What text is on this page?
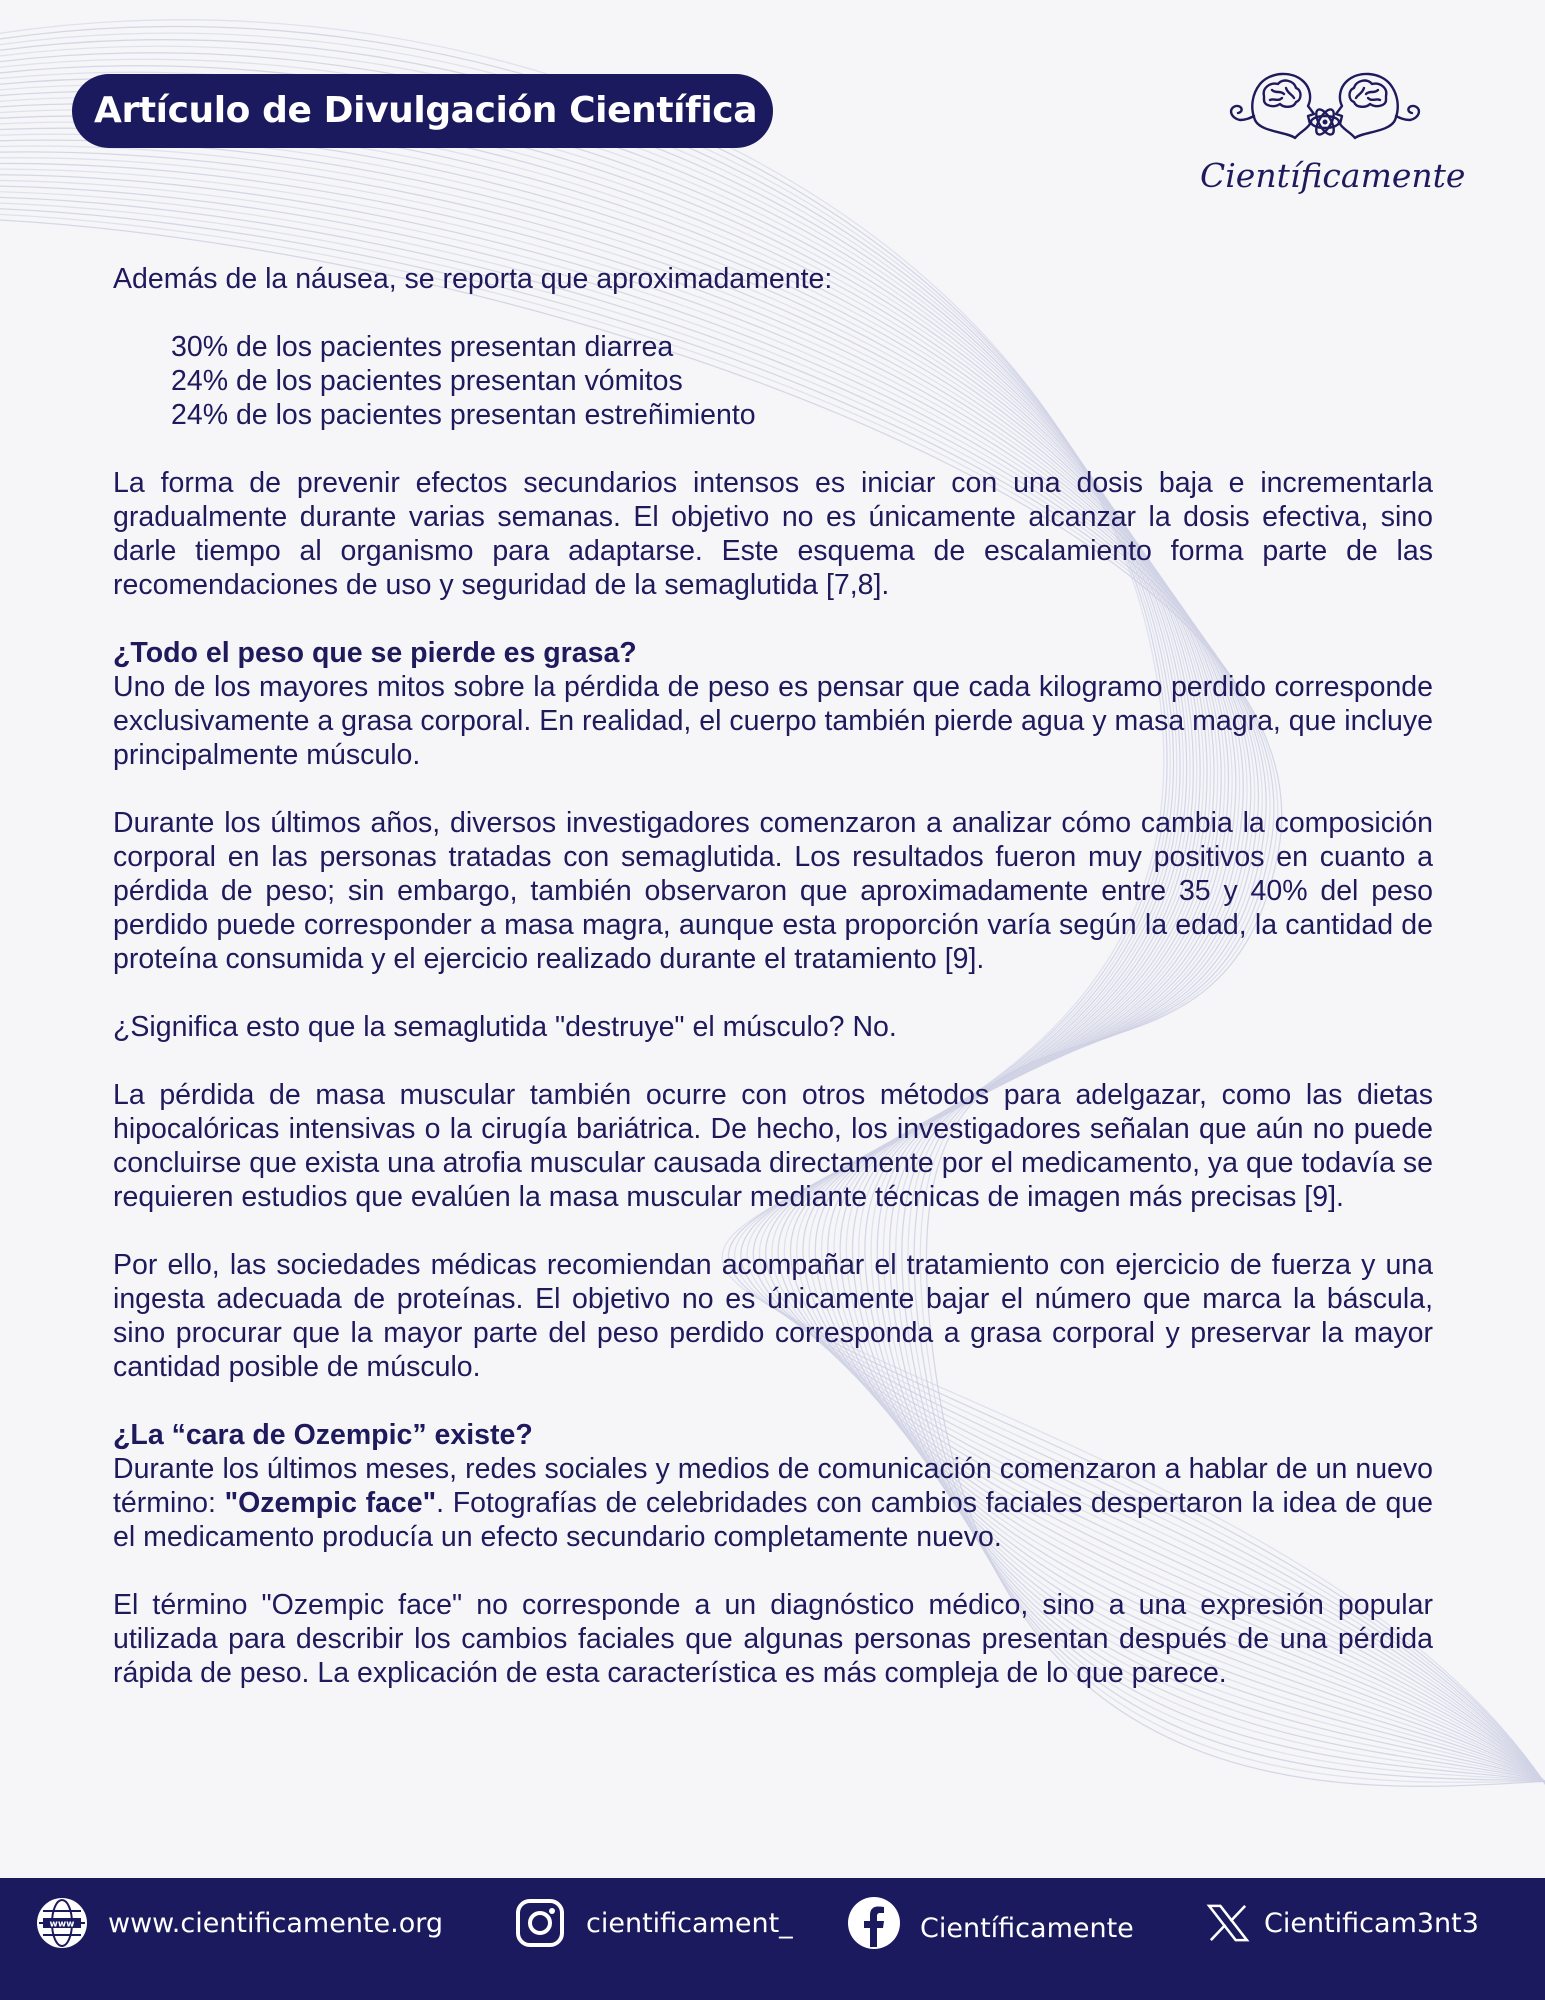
Artículo de Divulgación Científica
Científicamente

Además de la náusea, se reporta que aproximadamente:

30% de los pacientes presentan diarrea
24% de los pacientes presentan vómitos
24% de los pacientes presentan estreñimiento

La forma de prevenir efectos secundarios intensos es iniciar con una dosis baja e incrementarla gradualmente durante varias semanas. El objetivo no es únicamente alcanzar la dosis efectiva, sino darle tiempo al organismo para adaptarse. Este esquema de escalamiento forma parte de las recomendaciones de uso y seguridad de la semaglutida [7,8].

¿Todo el peso que se pierde es grasa?

Uno de los mayores mitos sobre la pérdida de peso es pensar que cada kilogramo perdido corresponde exclusivamente a grasa corporal. En realidad, el cuerpo también pierde agua y masa magra, que incluye principalmente músculo.

Durante los últimos años, diversos investigadores comenzaron a analizar cómo cambia la composición corporal en las personas tratadas con semaglutida. Los resultados fueron muy positivos en cuanto a pérdida de peso; sin embargo, también observaron que aproximadamente entre 35 y 40% del peso perdido puede corresponder a masa magra, aunque esta proporción varía según la edad, la cantidad de proteína consumida y el ejercicio realizado durante el tratamiento [9].

¿Significa esto que la semaglutida "destruye" el músculo? No.

La pérdida de masa muscular también ocurre con otros métodos para adelgazar, como las dietas hipocalóricas intensivas o la cirugía bariátrica. De hecho, los investigadores señalan que aún no puede concluirse que exista una atrofia muscular causada directamente por el medicamento, ya que todavía se requieren estudios que evalúen la masa muscular mediante técnicas de imagen más precisas [9].

Por ello, las sociedades médicas recomiendan acompañar el tratamiento con ejercicio de fuerza y una ingesta adecuada de proteínas. El objetivo no es únicamente bajar el número que marca la báscula, sino procurar que la mayor parte del peso perdido corresponda a grasa corporal y preservar la mayor cantidad posible de músculo.

¿La “cara de Ozempic” existe?

Durante los últimos meses, redes sociales y medios de comunicación comenzaron a hablar de un nuevo término: "Ozempic face". Fotografías de celebridades con cambios faciales despertaron la idea de que el medicamento producía un efecto secundario completamente nuevo.

El término "Ozempic face" no corresponde a un diagnóstico médico, sino a una expresión popular utilizada para describir los cambios faciales que algunas personas presentan después de una pérdida rápida de peso. La explicación de esta característica es más compleja de lo que parece.

www www.cientificamente.org	cientificament_	Científicamente	Cientificam3nt3
